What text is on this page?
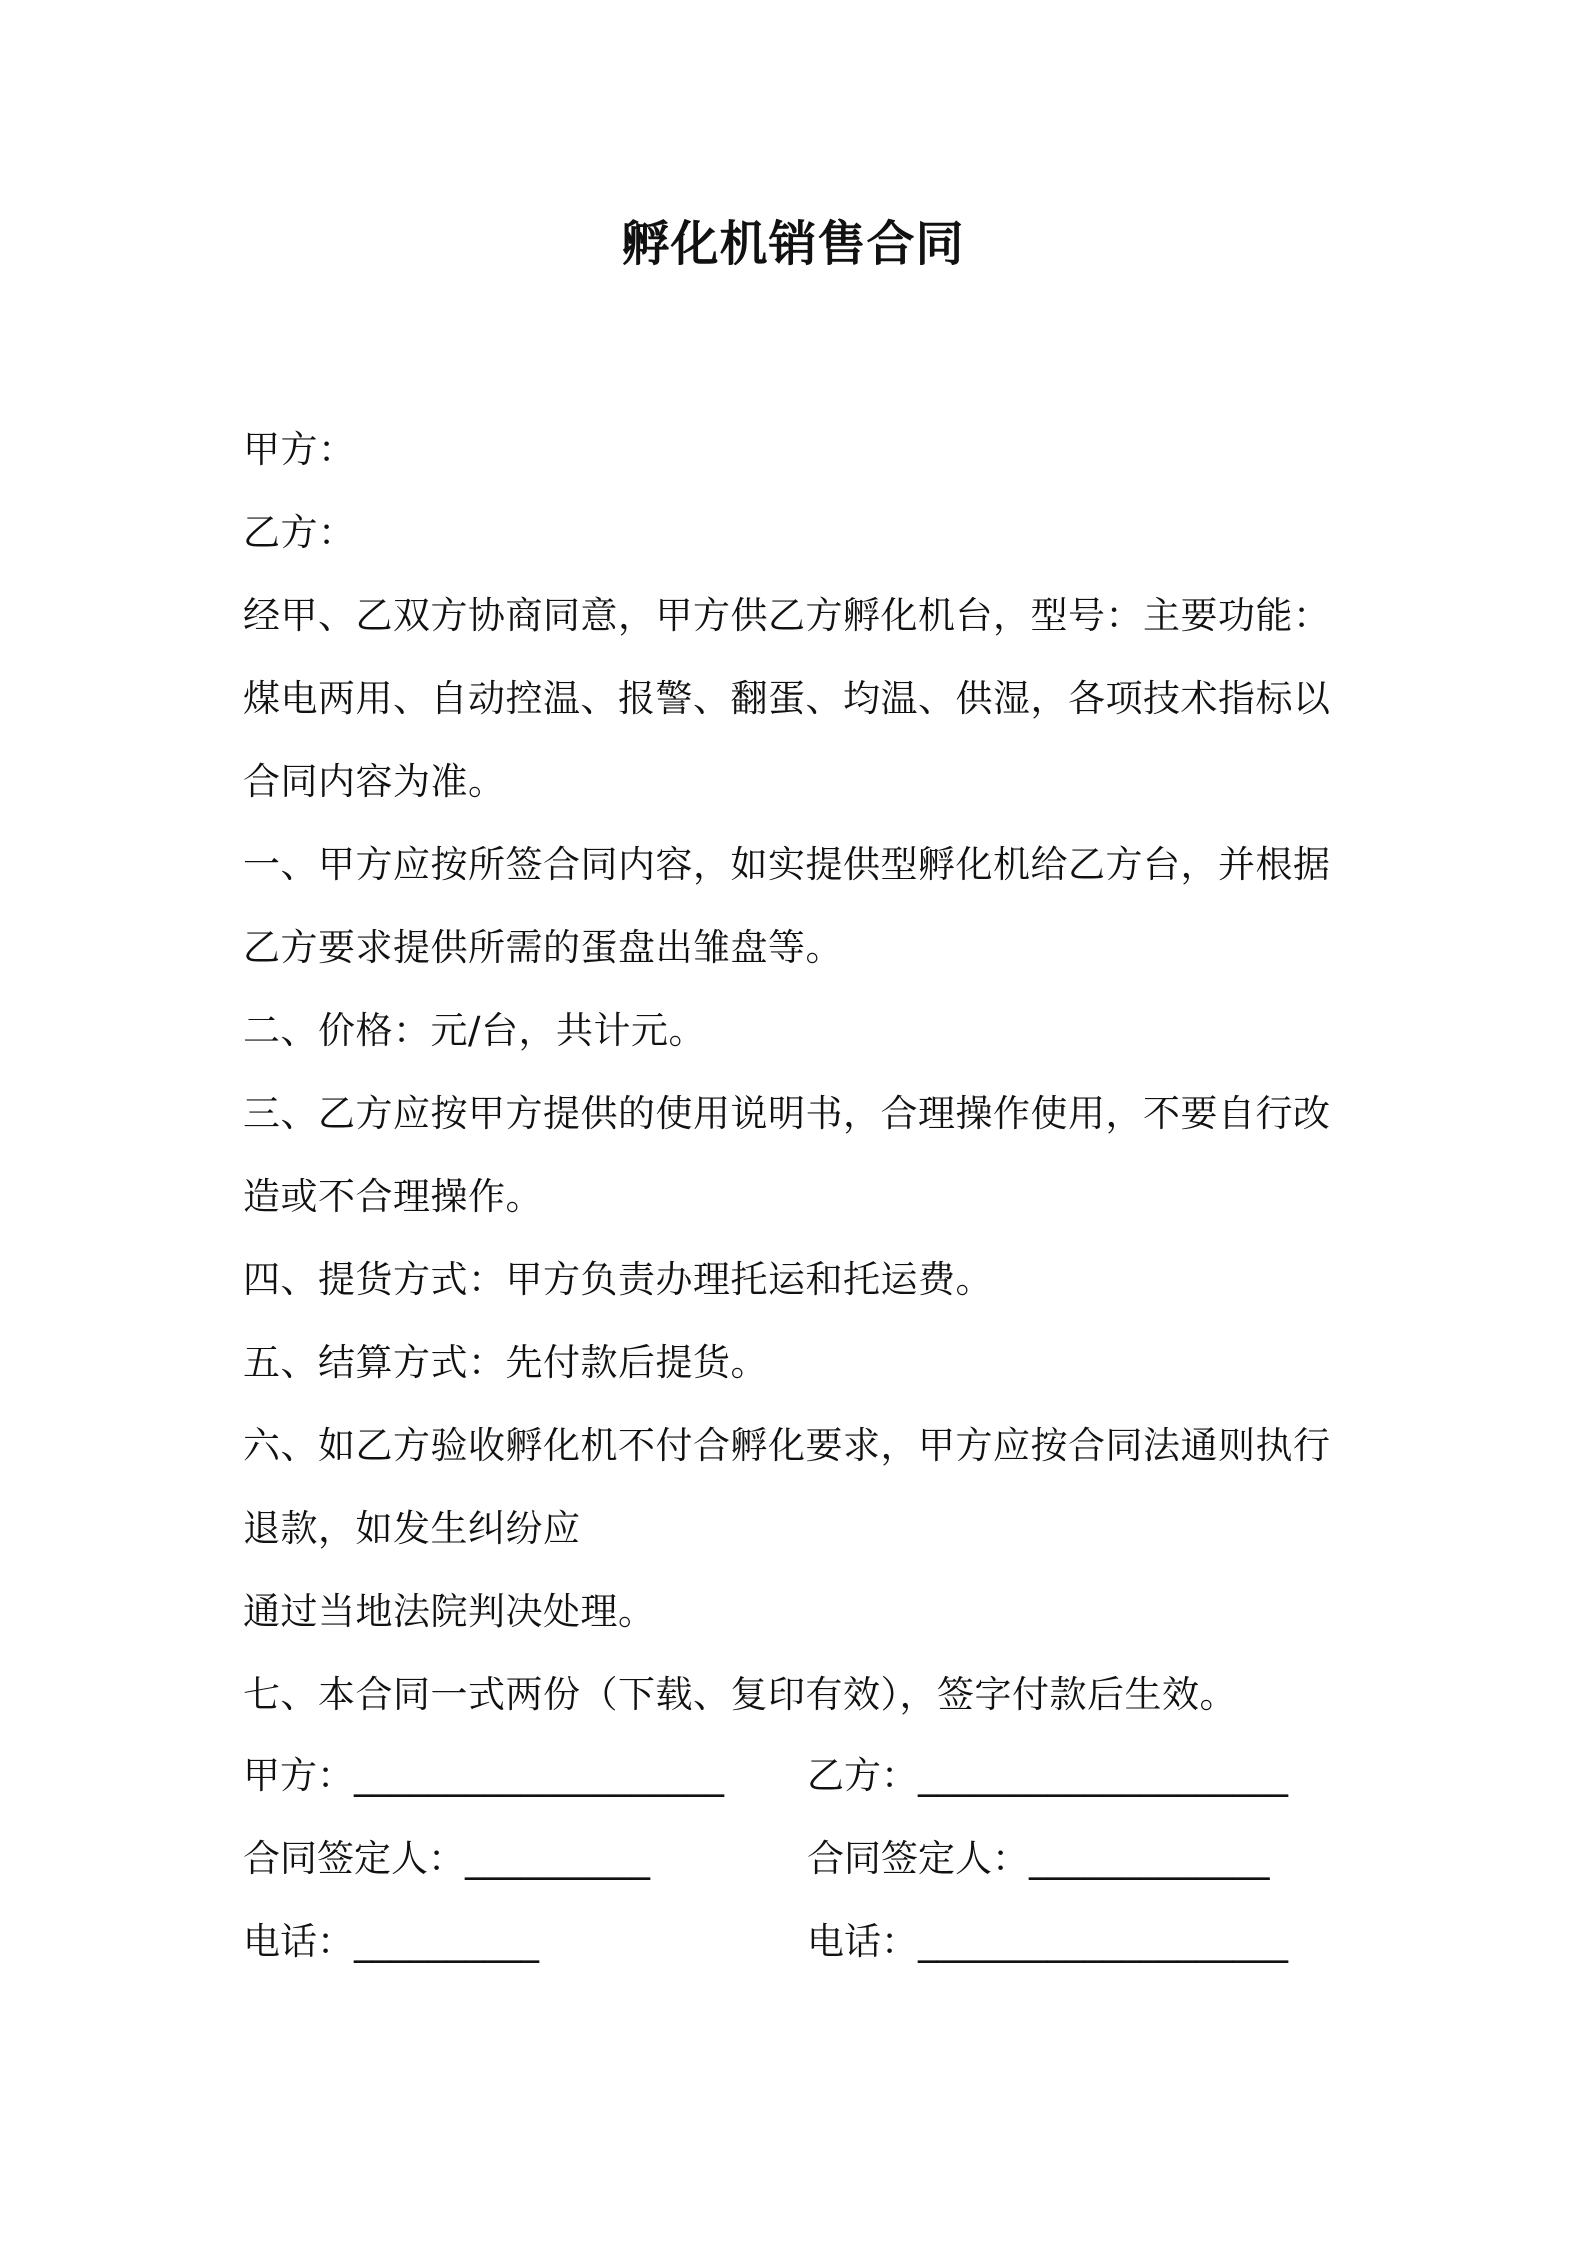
孵化机销售合同

甲方：

乙方：

经甲、乙双方协商同意，甲方供乙方孵化机台，型号：主要功能：煤电两用、自动控温、报警、翻蛋、均温、供湿，各项技术指标以合同内容为准。

一、甲方应按所签合同内容，如实提供型孵化机给乙方台，并根据乙方要求提供所需的蛋盘出雏盘等。

二、价格：元/台，共计元。

三、乙方应按甲方提供的使用说明书，合理操作使用，不要自行改造或不合理操作。

四、提货方式：甲方负责办理托运和托运费。

五、结算方式：先付款后提货。

六、如乙方验收孵化机不付合孵化要求，甲方应按合同法通则执行退款，如发生纠纷应

通过当地法院判决处理。

七、本合同一式两份（下载、复印有效），签字付款后生效。

甲方：____________________ 乙方：____________________
合同签定人：__________	合同签定人：_____________
电话：__________	电话：____________________
